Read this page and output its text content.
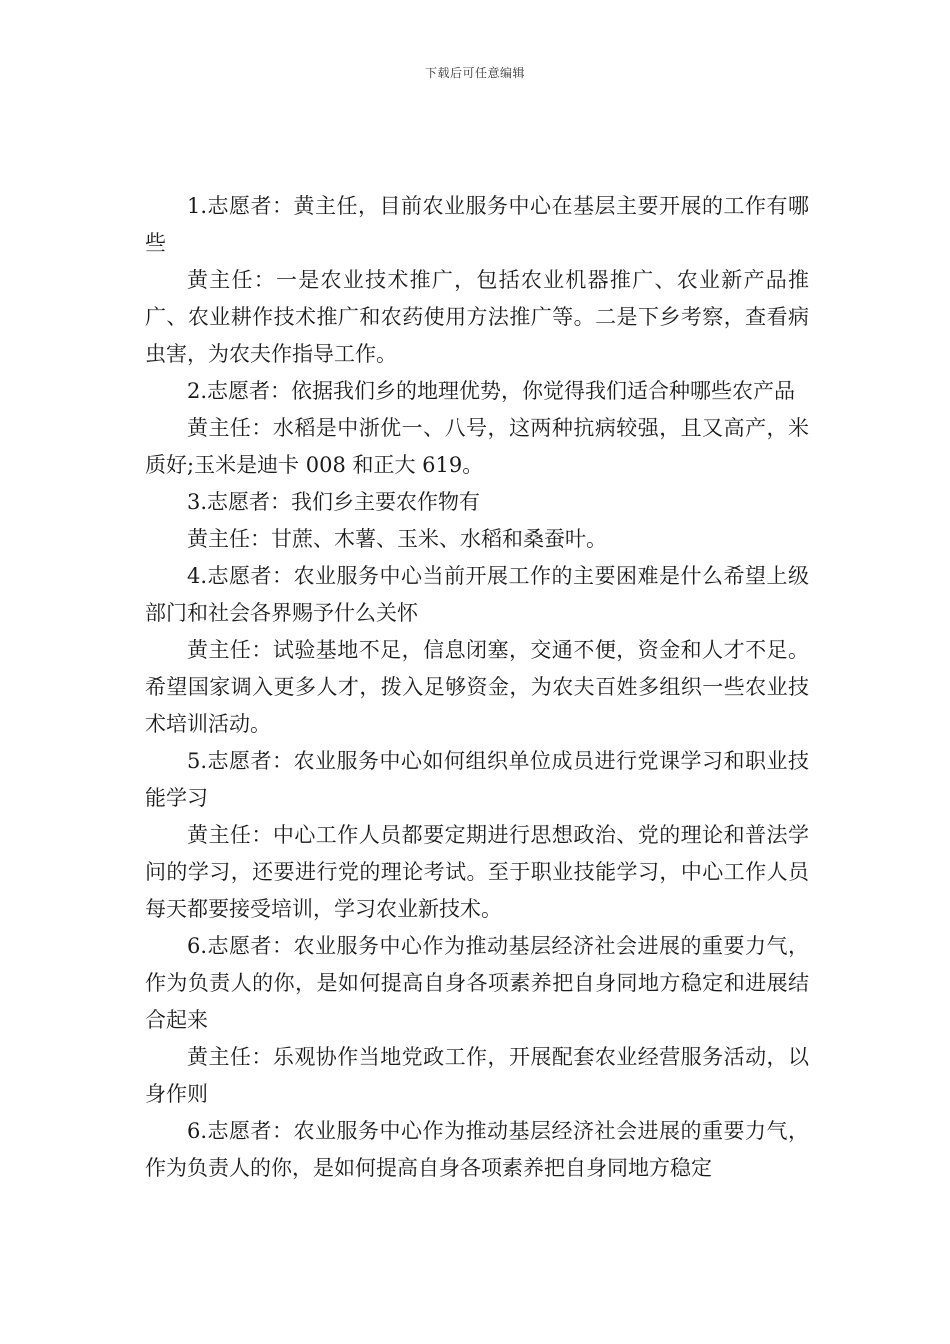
下载后可任意编辑

1.志愿者：黄主任，目前农业服务中心在基层主要开展的工作有哪些

黄主任：一是农业技术推广，包括农业机器推广、农业新产品推广、农业耕作技术推广和农药使用方法推广等。二是下乡考察，查看病虫害，为农夫作指导工作。

2.志愿者：依据我们乡的地理优势，你觉得我们适合种哪些农产品

黄主任：水稻是中浙优一、八号，这两种抗病较强，且又高产，米质好;玉米是迪卡 008 和正大 619。

3.志愿者：我们乡主要农作物有

黄主任：甘蔗、木薯、玉米、水稻和桑蚕叶。

4.志愿者：农业服务中心当前开展工作的主要困难是什么希望上级部门和社会各界赐予什么关怀

黄主任：试验基地不足，信息闭塞，交通不便，资金和人才不足。希望国家调入更多人才，拨入足够资金，为农夫百姓多组织一些农业技术培训活动。

5.志愿者：农业服务中心如何组织单位成员进行党课学习和职业技能学习

黄主任：中心工作人员都要定期进行思想政治、党的理论和普法学问的学习，还要进行党的理论考试。至于职业技能学习，中心工作人员每天都要接受培训，学习农业新技术。

6.志愿者：农业服务中心作为推动基层经济社会进展的重要力气，作为负责人的你，是如何提高自身各项素养把自身同地方稳定和进展结合起来

黄主任：乐观协作当地党政工作，开展配套农业经营服务活动，以身作则

6.志愿者：农业服务中心作为推动基层经济社会进展的重要力气，作为负责人的你，是如何提高自身各项素养把自身同地方稳定
